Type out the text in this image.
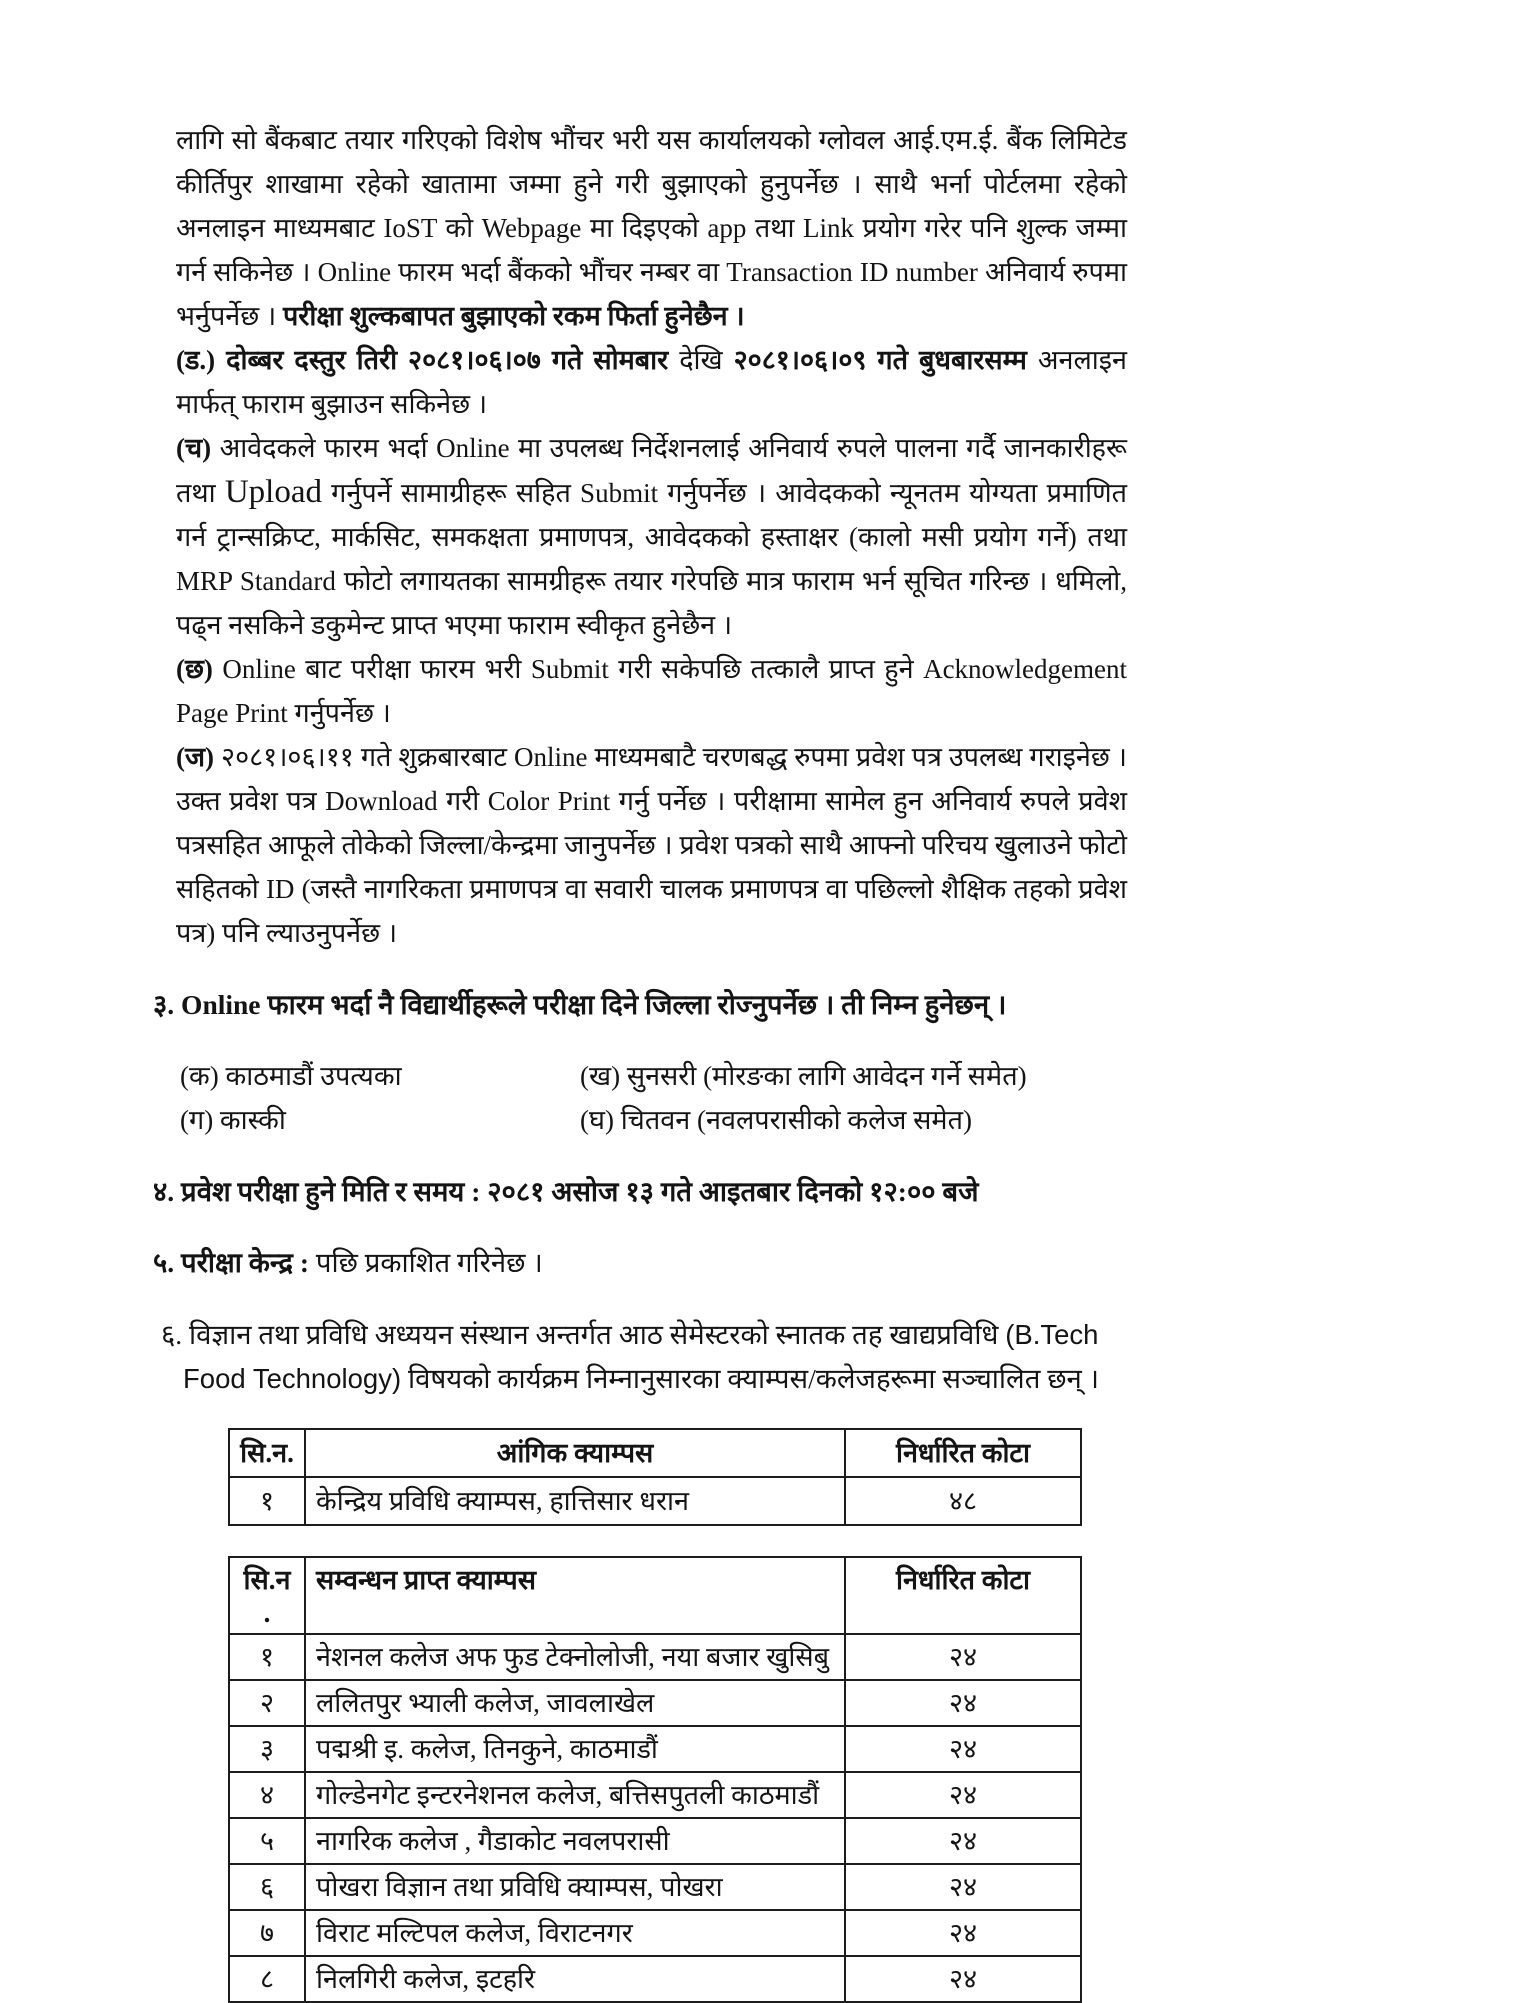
लागि सो बैंकबाट तयार गरिएको विशेष भौंचर भरी यस कार्यालयको ग्लोवल आई.एम.ई. बैंक लिमिटेड कीर्तिपुर शाखामा रहेको खातामा जम्मा हुने गरी बुझाएको हुनुपर्नेछ । साथै भर्ना पोर्टलमा रहेको अनलाइन माध्यमबाट IoST को Webpage मा दिइएको app तथा Link प्रयोग गरेर पनि शुल्क जम्मा गर्न सकिनेछ । Online फारम भर्दा बैंकको भौंचर नम्बर वा Transaction ID number अनिवार्य रुपमा भर्नुपर्नेछ । परीक्षा शुल्कबापत बुझाएको रकम फिर्ता हुनेछैन ।

(ड.) दोब्बर दस्तुर तिरी २०८१।०६।०७ गते सोमबार देखि २०८१।०६।०९ गते बुधबारसम्म अनलाइन मार्फत् फाराम बुझाउन सकिनेछ ।

(च) आवेदकले फारम भर्दा Online मा उपलब्ध निर्देशनलाई अनिवार्य रुपले पालना गर्दै जानकारीहरू तथा Upload गर्नुपर्ने सामाग्रीहरू सहित Submit गर्नुपर्नेछ । आवेदकको न्यूनतम योग्यता प्रमाणित गर्न ट्रान्सक्रिप्ट, मार्कसिट, समकक्षता प्रमाणपत्र, आवेदकको हस्ताक्षर (कालो मसी प्रयोग गर्ने) तथा MRP Standard फोटो लगायतका सामग्रीहरू तयार गरेपछि मात्र फाराम भर्न सूचित गरिन्छ । धमिलो, पढ्न नसकिने डकुमेन्ट प्राप्त भएमा फाराम स्वीकृत हुनेछैन ।

(छ) Online बाट परीक्षा फारम भरी Submit गरी सकेपछि तत्कालै प्राप्त हुने Acknowledgement Page Print गर्नुपर्नेछ ।

(ज) २०८१।०६।११ गते शुक्रबारबाट Online माध्यमबाटै चरणबद्ध रुपमा प्रवेश पत्र उपलब्ध गराइनेछ । उक्त प्रवेश पत्र Download गरी Color Print गर्नु पर्नेछ । परीक्षामा सामेल हुन अनिवार्य रुपले प्रवेश पत्रसहित आफूले तोकेको जिल्ला/केन्द्रमा जानुपर्नेछ । प्रवेश पत्रको साथै आफ्नो परिचय खुलाउने फोटो सहितको ID (जस्तै नागरिकता प्रमाणपत्र वा सवारी चालक प्रमाणपत्र वा पछिल्लो शैक्षिक तहको प्रवेश पत्र) पनि ल्याउनुपर्नेछ ।

३. Online फारम भर्दा नै विद्यार्थीहरूले परीक्षा दिने जिल्ला रोज्नुपर्नेछ । ती निम्न हुनेछन् ।

(क) काठमाडौं उपत्यका	(ख) सुनसरी (मोरङका लागि आवेदन गर्ने समेत)
(ग) कास्की	(घ) चितवन (नवलपरासीको कलेज समेत)

४. प्रवेश परीक्षा हुने मिति र समय : २०८१ असोज १३ गते आइतबार दिनको १२:०० बजे

५. परीक्षा केन्द्र : पछि प्रकाशित गरिनेछ ।

६. विज्ञान तथा प्रविधि अध्ययन संस्थान अन्तर्गत आठ सेमेस्टरको स्नातक तह खाद्यप्रविधि (B.Tech Food Technology) विषयको कार्यक्रम निम्नानुसारका क्याम्पस/कलेजहरूमा सञ्चालित छन् ।

सि.न.	आंगिक क्याम्पस	निर्धारित कोटा
१	केन्द्रिय प्रविधि क्याम्पस, हात्तिसार धरान	४८
सि.न .	सम्वन्धन प्राप्त क्याम्पस	निर्धारित कोटा
१	नेशनल कलेज अफ फुड टेक्नोलोजी, नया बजार खुसिबु	२४
२	ललितपुर भ्याली कलेज, जावलाखेल	२४
३	पद्मश्री इ. कलेज, तिनकुने, काठमाडौं	२४
४	गोल्डेनगेट इन्टरनेशनल कलेज, बत्तिसपुतली काठमाडौं	२४
५	नागरिक कलेज , गैडाकोट नवलपरासी	२४
६	पोखरा विज्ञान तथा प्रविधि क्याम्पस, पोखरा	२४
७	विराट मल्टिपल कलेज, विराटनगर	२४
८	निलगिरी कलेज, इटहरि	२४
